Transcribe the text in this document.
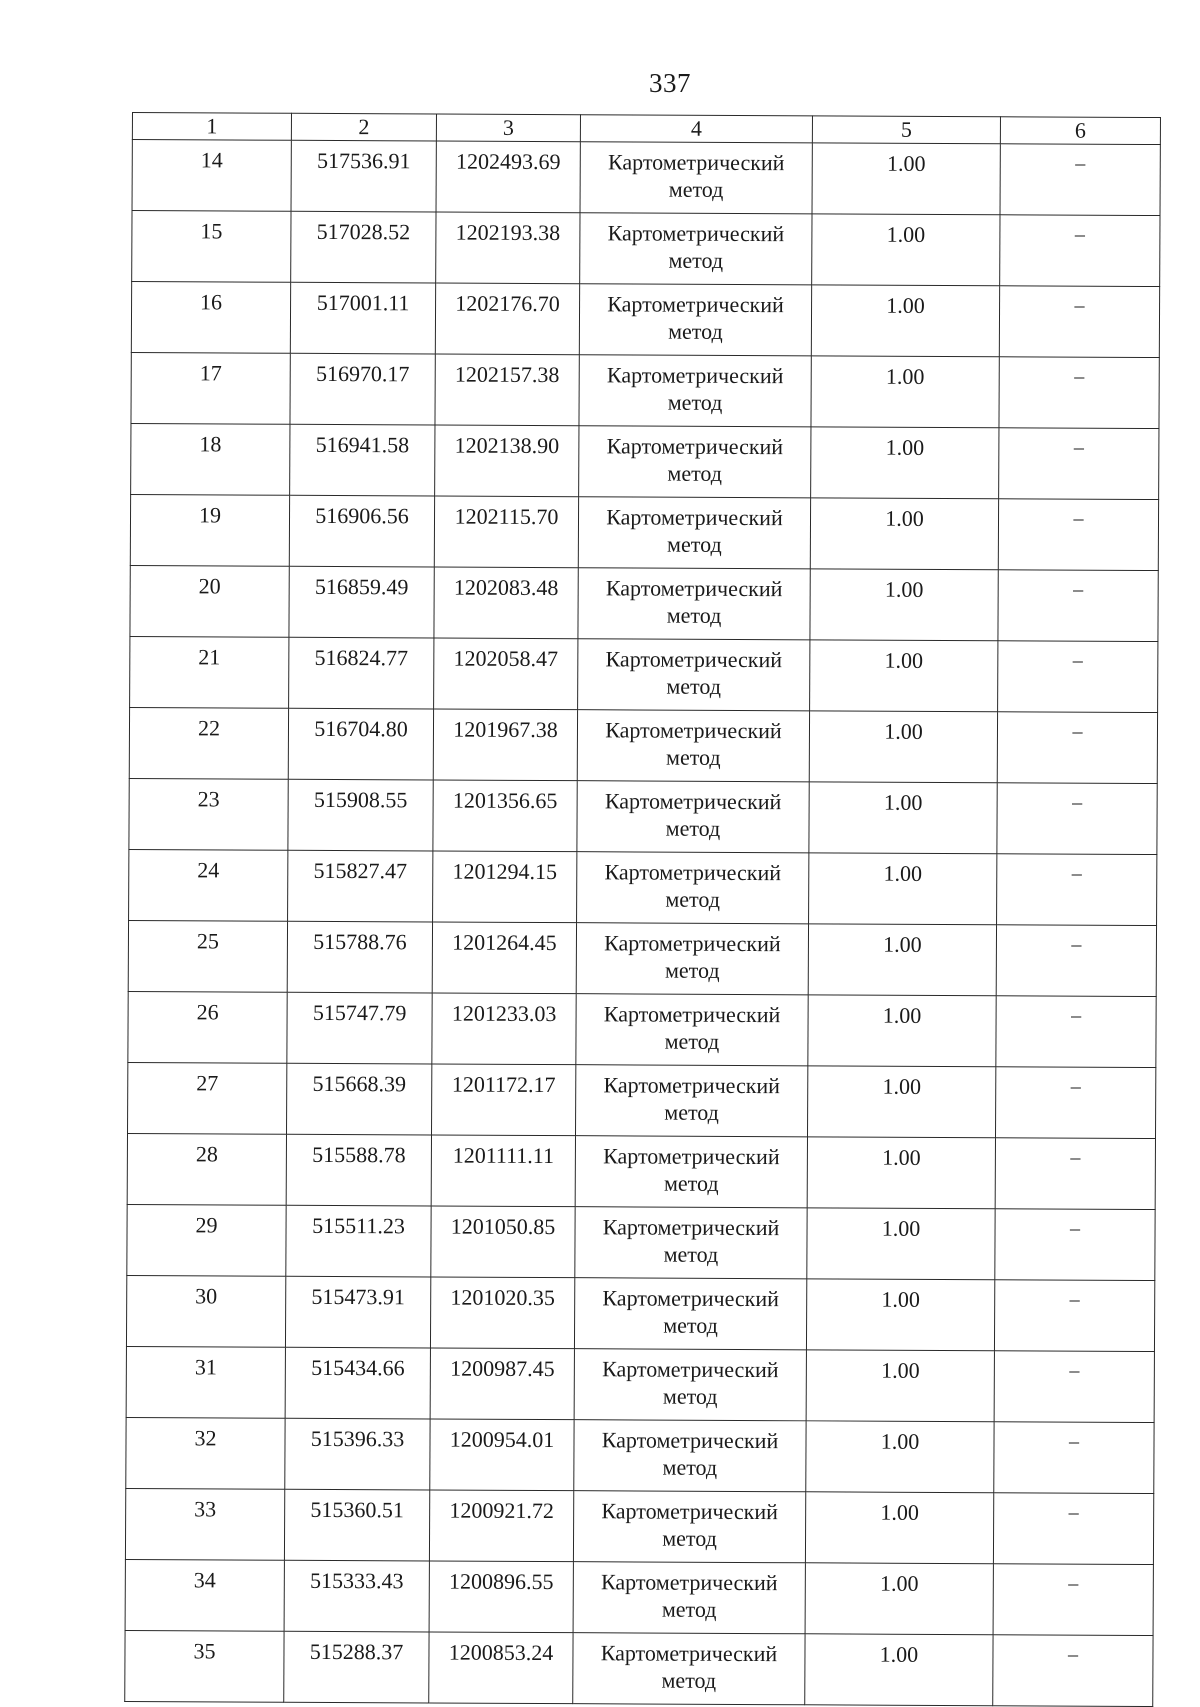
337
1	2	3	4	5	6
14	517536.91	1202493.69	Картометрический метод	1.00	–
15	517028.52	1202193.38	Картометрический метод	1.00	–
16	517001.11	1202176.70	Картометрический метод	1.00	–
17	516970.17	1202157.38	Картометрический метод	1.00	–
18	516941.58	1202138.90	Картометрический метод	1.00	–
19	516906.56	1202115.70	Картометрический метод	1.00	–
20	516859.49	1202083.48	Картометрический метод	1.00	–
21	516824.77	1202058.47	Картометрический метод	1.00	–
22	516704.80	1201967.38	Картометрический метод	1.00	–
23	515908.55	1201356.65	Картометрический метод	1.00	–
24	515827.47	1201294.15	Картометрический метод	1.00	–
25	515788.76	1201264.45	Картометрический метод	1.00	–
26	515747.79	1201233.03	Картометрический метод	1.00	–
27	515668.39	1201172.17	Картометрический метод	1.00	–
28	515588.78	1201111.11	Картометрический метод	1.00	–
29	515511.23	1201050.85	Картометрический метод	1.00	–
30	515473.91	1201020.35	Картометрический метод	1.00	–
31	515434.66	1200987.45	Картометрический метод	1.00	–
32	515396.33	1200954.01	Картометрический метод	1.00	–
33	515360.51	1200921.72	Картометрический метод	1.00	–
34	515333.43	1200896.55	Картометрический метод	1.00	–
35	515288.37	1200853.24	Картометрический метод	1.00	–
